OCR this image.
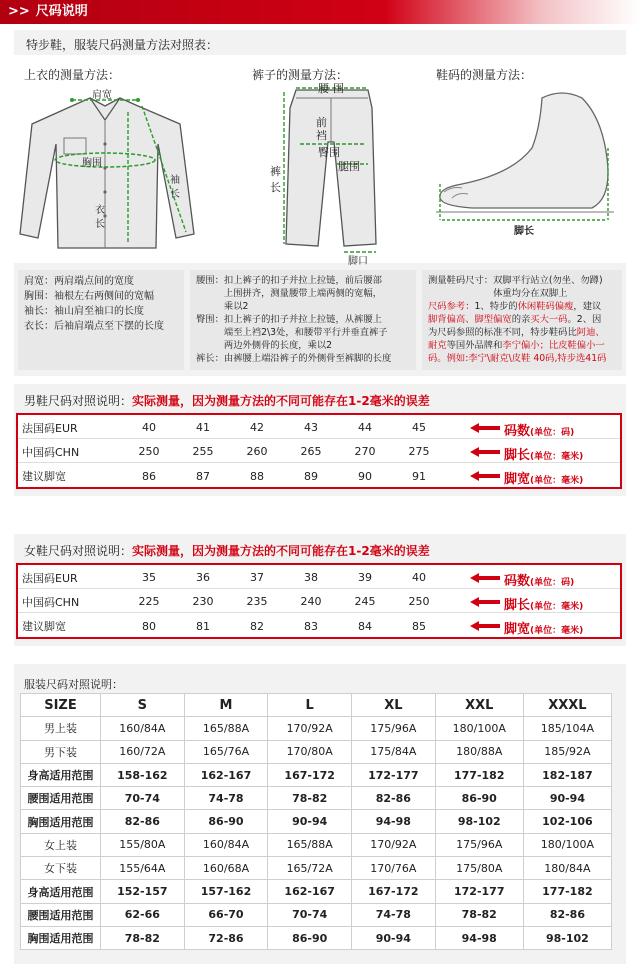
>> 尺码说明
特步鞋，服装尺码测量方法对照表：
上衣的测量方法：	裤子的测量方法：	鞋码的测量方法：
肩宽
胸围
袖长
衣长
腰围
前裆
臀围
腿围
裤长
脚口
脚长
肩宽：两肩端点间的宽度
胸围：袖根左右两侧间的宽幅
袖长：袖山肩至袖口的长度
衣长：后袖肩端点至下摆的长度
腰围：扣上裤子的扣子并拉上拉链，前后腰部
　　　上围拼齐，测量腰带上端两侧的宽幅，
　　　乘以2
臀围：扣上裤子的扣子并拉上拉链，从裤腰上
　　　端至上裆2\3处，和腰带平行并垂直裤子
　　　两边外侧骨的长度，乘以2
裤长：由裤腰上端沿裤子的外侧骨至裤脚的长度
测量鞋码尺寸：双脚平行站立(勿坐、勿蹲)
　　　　　　　体重均分在双脚上
尺码参考：1、特步的休闲鞋码偏瘦，建议
脚背偏高、脚型偏宽的亲买大一码。2、因
为尺码参照的标准不同，特步鞋码比阿迪、
耐克等国外品牌和李宁偏小；比皮鞋偏小一
码。例如:李宁\耐克\皮鞋 40码,特步选41码
男鞋尺码对照说明：实际测量，因为测量方法的不同可能存在1-2毫米的误差
法国码EUR	40	41	42	43	44	45	码数(单位：码)
中国码CHN	250	255	260	265	270	275	脚长(单位：毫米)
建议脚宽	86	87	88	89	90	91	脚宽(单位：毫米)
女鞋尺码对照说明：实际测量，因为测量方法的不同可能存在1-2毫米的误差
法国码EUR	35	36	37	38	39	40	码数(单位：码)
中国码CHN	225	230	235	240	245	250	脚长(单位：毫米)
建议脚宽	80	81	82	83	84	85	脚宽(单位：毫米)
服装尺码对照说明：
SIZE	S	M	L	XL	XXL	XXXL
男上装	160/84A	165/88A	170/92A	175/96A	180/100A	185/104A
男下装	160/72A	165/76A	170/80A	175/84A	180/88A	185/92A
身高适用范围	158-162	162-167	167-172	172-177	177-182	182-187
腰围适用范围	70-74	74-78	78-82	82-86	86-90	90-94
胸围适用范围	82-86	86-90	90-94	94-98	98-102	102-106
女上装	155/80A	160/84A	165/88A	170/92A	175/96A	180/100A
女下装	155/64A	160/68A	165/72A	170/76A	175/80A	180/84A
身高适用范围	152-157	157-162	162-167	167-172	172-177	177-182
腰围适用范围	62-66	66-70	70-74	74-78	78-82	82-86
胸围适用范围	78-82	72-86	86-90	90-94	94-98	98-102
